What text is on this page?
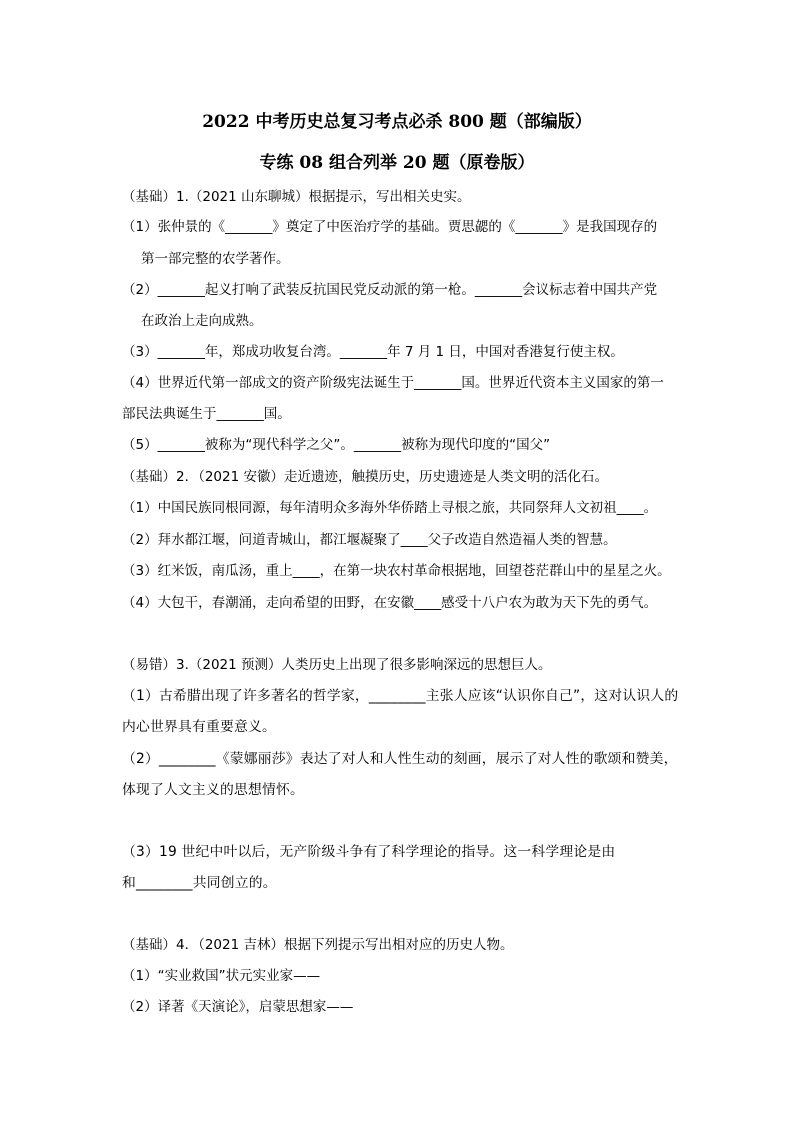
2022 中考历史总复习考点必杀 800 题（部编版）
专练 08 组合列举 20 题（原卷版）
（基础）1.（2021 山东聊城）根据提示，写出相关史实。
（1）张仲景的《_______》奠定了中医治疗学的基础。贾思勰的《_______》是我国现存的
第一部完整的农学著作。
（2）_______起义打响了武装反抗国民党反动派的第一枪。_______会议标志着中国共产党
在政治上走向成熟。
（3）_______年，郑成功收复台湾。_______年 7 月 1 日，中国对香港复行使主权。
（4）世界近代第一部成文的资产阶级宪法诞生于_______国。世界近代资本主义国家的第一
部民法典诞生于_______国。
（5）_______被称为“现代科学之父”。_______被称为现代印度的“国父”
（基础）2．（2021 安徽）走近遗迹，触摸历史，历史遗迹是人类文明的活化石。
（1）中国民族同根同源，每年清明众多海外华侨踏上寻根之旅，共同祭拜人文初祖____。
（2）拜水都江堰，问道青城山，都江堰凝聚了____父子改造自然造福人类的智慧。
（3）红米饭，南瓜汤，重上____，在第一块农村革命根据地，回望苍茫群山中的星星之火。
（4）大包干，春潮涌，走向希望的田野，在安徽____感受十八户农为敢为天下先的勇气。
（易错）3.（2021 预测）人类历史上出现了很多影响深远的思想巨人。
（1）古希腊出现了许多著名的哲学家，________主张人应该“认识你自己”，这对认识人的
内心世界具有重要意义。
（2）________《蒙娜丽莎》表达了对人和人性生动的刻画，展示了对人性的歌颂和赞美，
体现了人文主义的思想情怀。
（3）19 世纪中叶以后，无产阶级斗争有了科学理论的指导。这一科学理论是由
和________共同创立的。
（基础）4．（2021 吉林）根据下列提示写出相对应的历史人物。
（1）“实业救国”状元实业家——
（2）译著《天演论》，启蒙思想家——
